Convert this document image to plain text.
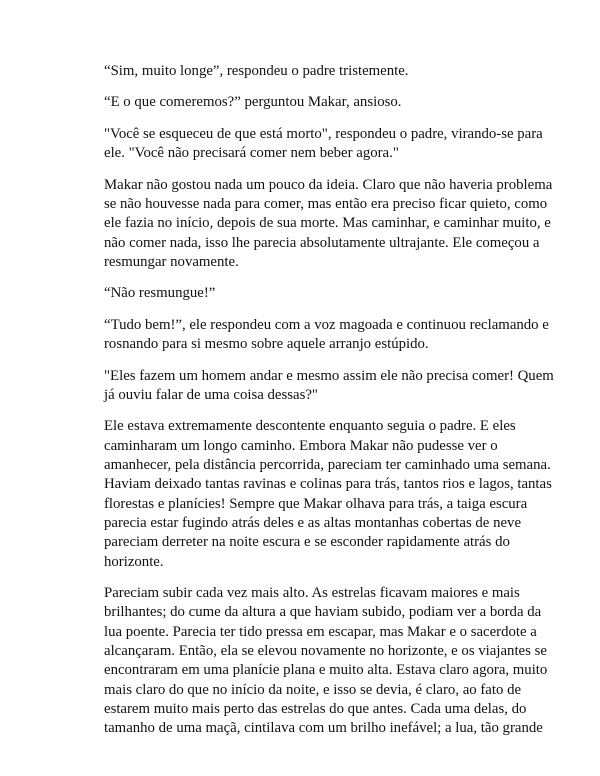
“Sim, muito longe”, respondeu o padre tristemente.

“E o que comeremos?” perguntou Makar, ansioso.

"Você se esqueceu de que está morto", respondeu o padre, virando-se para
ele. "Você não precisará comer nem beber agora."

Makar não gostou nada um pouco da ideia. Claro que não haveria problema
se não houvesse nada para comer, mas então era preciso ficar quieto, como
ele fazia no início, depois de sua morte. Mas caminhar, e caminhar muito, e
não comer nada, isso lhe parecia absolutamente ultrajante. Ele começou a
resmungar novamente.

“Não resmungue!”

“Tudo bem!”, ele respondeu com a voz magoada e continuou reclamando e
rosnando para si mesmo sobre aquele arranjo estúpido.

"Eles fazem um homem andar e mesmo assim ele não precisa comer! Quem
já ouviu falar de uma coisa dessas?"

Ele estava extremamente descontente enquanto seguia o padre. E eles
caminharam um longo caminho. Embora Makar não pudesse ver o
amanhecer, pela distância percorrida, pareciam ter caminhado uma semana.
Haviam deixado tantas ravinas e colinas para trás, tantos rios e lagos, tantas
florestas e planícies! Sempre que Makar olhava para trás, a taiga escura
parecia estar fugindo atrás deles e as altas montanhas cobertas de neve
pareciam derreter na noite escura e se esconder rapidamente atrás do
horizonte.

Pareciam subir cada vez mais alto. As estrelas ficavam maiores e mais
brilhantes; do cume da altura a que haviam subido, podiam ver a borda da
lua poente. Parecia ter tido pressa em escapar, mas Makar e o sacerdote a
alcançaram. Então, ela se elevou novamente no horizonte, e os viajantes se
encontraram em uma planície plana e muito alta. Estava claro agora, muito
mais claro do que no início da noite, e isso se devia, é claro, ao fato de
estarem muito mais perto das estrelas do que antes. Cada uma delas, do
tamanho de uma maçã, cintilava com um brilho inefável; a lua, tão grande
